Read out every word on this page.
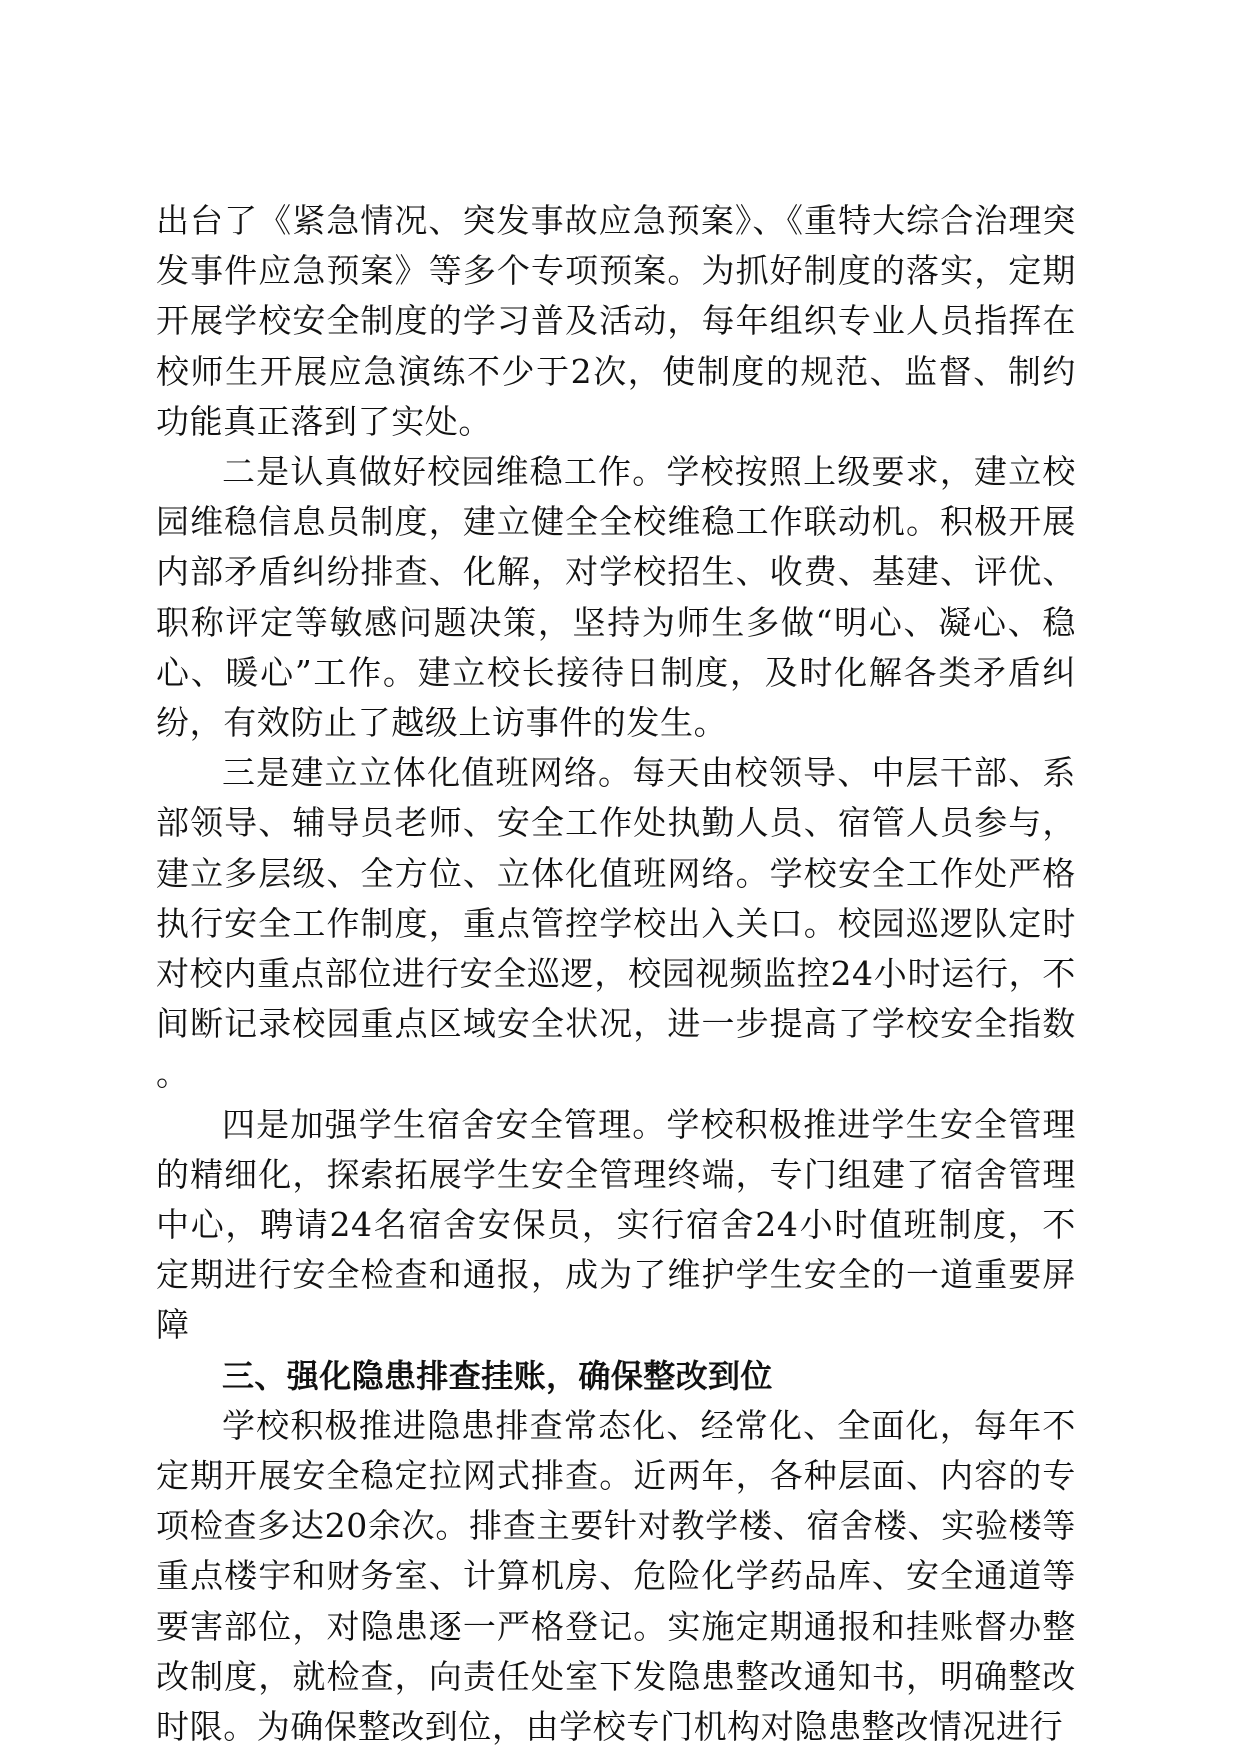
出台了《紧急情况、突发事故应急预案》、《重特大综合治理突发事件应急预案》等多个专项预案。为抓好制度的落实，定期开展学校安全制度的学习普及活动，每年组织专业人员指挥在校师生开展应急演练不少于2次，使制度的规范、监督、制约功能真正落到了实处。

二是认真做好校园维稳工作。学校按照上级要求，建立校园维稳信息员制度，建立健全全校维稳工作联动机。积极开展内部矛盾纠纷排查、化解，对学校招生、收费、基建、评优、职称评定等敏感问题决策，坚持为师生多做“明心、凝心、稳心、暖心”工作。建立校长接待日制度，及时化解各类矛盾纠纷，有效防止了越级上访事件的发生。

三是建立立体化值班网络。每天由校领导、中层干部、系部领导、辅导员老师、安全工作处执勤人员、宿管人员参与，建立多层级、全方位、立体化值班网络。学校安全工作处严格执行安全工作制度，重点管控学校出入关口。校园巡逻队定时对校内重点部位进行安全巡逻，校园视频监控24小时运行，不间断记录校园重点区域安全状况，进一步提高了学校安全指数。

四是加强学生宿舍安全管理。学校积极推进学生安全管理的精细化，探索拓展学生安全管理终端，专门组建了宿舍管理中心，聘请24名宿舍安保员，实行宿舍24小时值班制度，不定期进行安全检查和通报，成为了维护学生安全的一道重要屏障

三、强化隐患排查挂账，确保整改到位

学校积极推进隐患排查常态化、经常化、全面化，每年不定期开展安全稳定拉网式排查。近两年，各种层面、内容的专项检查多达20余次。排查主要针对教学楼、宿舍楼、实验楼等重点楼宇和财务室、计算机房、危险化学药品库、安全通道等要害部位，对隐患逐一严格登记。实施定期通报和挂账督办整改制度，就检查，向责任处室下发隐患整改通知书，明确整改时限。为确保整改到位，由学校专门机构对隐患整改情况进行
